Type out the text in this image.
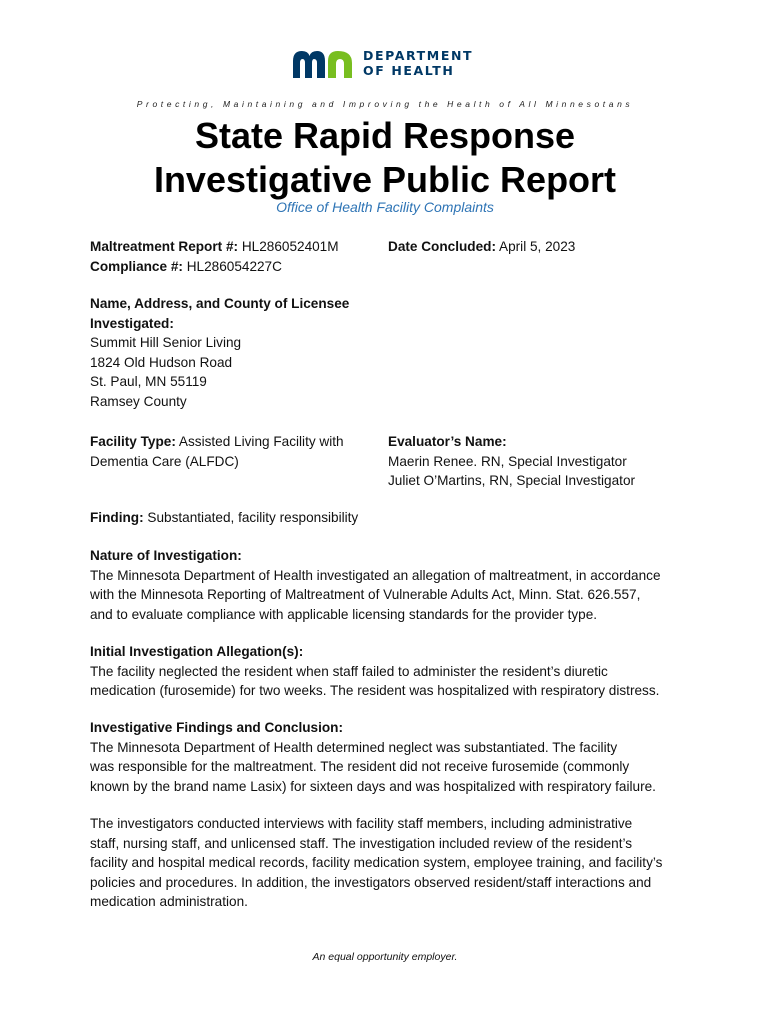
DEPARTMENT
OF HEALTH
Protecting, Maintaining and Improving the Health of All Minnesotans
State Rapid Response
Investigative Public Report
Office of Health Facility Complaints
Maltreatment Report #: HL286052401M
Compliance #: HL286054227C
Date Concluded: April 5, 2023
Name, Address, and County of Licensee
Investigated:
Summit Hill Senior Living
1824 Old Hudson Road
St. Paul, MN 55119
Ramsey County
Facility Type: Assisted Living Facility with
Dementia Care (ALFDC)
Evaluator’s Name:
Maerin Renee. RN, Special Investigator
Juliet O’Martins, RN, Special Investigator
Finding: Substantiated, facility responsibility
Nature of Investigation:
The Minnesota Department of Health investigated an allegation of maltreatment, in accordance
with the Minnesota Reporting of Maltreatment of Vulnerable Adults Act, Minn. Stat. 626.557,
and to evaluate compliance with applicable licensing standards for the provider type.
Initial Investigation Allegation(s):
The facility neglected the resident when staff failed to administer the resident’s diuretic
medication (furosemide) for two weeks. The resident was hospitalized with respiratory distress.
Investigative Findings and Conclusion:
The Minnesota Department of Health determined neglect was substantiated. The facility
was responsible for the maltreatment. The resident did not receive furosemide (commonly
known by the brand name Lasix) for sixteen days and was hospitalized with respiratory failure.
The investigators conducted interviews with facility staff members, including administrative
staff, nursing staff, and unlicensed staff. The investigation included review of the resident’s
facility and hospital medical records, facility medication system, employee training, and facility’s
policies and procedures. In addition, the investigators observed resident/staff interactions and
medication administration.
An equal opportunity employer.
